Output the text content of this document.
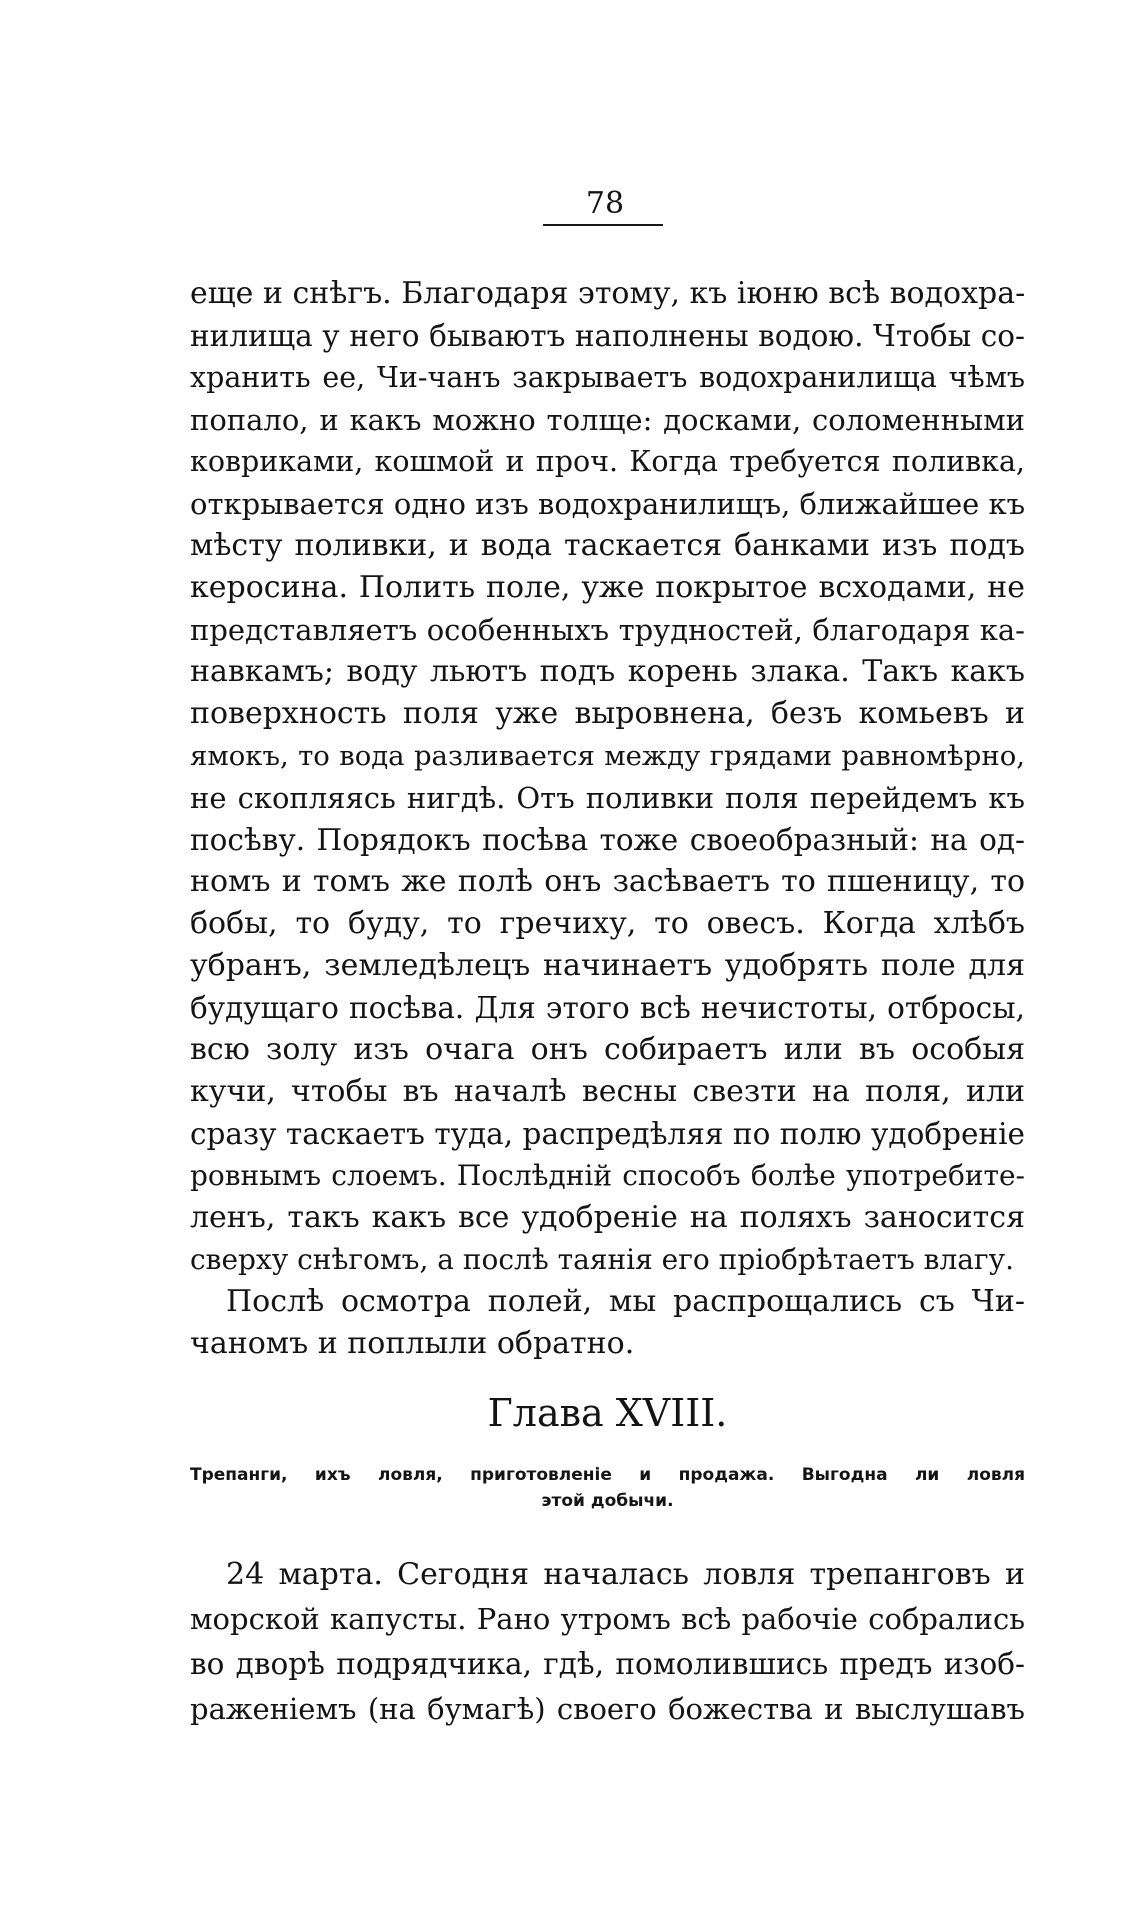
78
еще и снѣгъ. Благодаря этому, къ іюню всѣ водохра-
нилища у него бываютъ наполнены водою. Чтобы со-
хранить ее, Чи-чанъ закрываетъ водохранилища чѣмъ
попало, и какъ можно толще: досками, соломенными
ковриками, кошмой и проч. Когда требуется поливка,
открывается одно изъ водохранилищъ, ближайшее къ
мѣсту поливки, и вода таскается банками изъ подъ
керосина. Полить поле, уже покрытое всходами, не
представляетъ особенныхъ трудностей, благодаря ка-
навкамъ; воду льютъ подъ корень злака. Такъ какъ
поверхность поля уже выровнена, безъ комьевъ и
ямокъ, то вода разливается между грядами равномѣрно,
не скопляясь нигдѣ. Отъ поливки поля перейдемъ къ
посѣву. Порядокъ посѣва тоже своеобразный: на од-
номъ и томъ же полѣ онъ засѣваетъ то пшеницу, то
бобы, то буду, то гречиху, то овесъ. Когда хлѣбъ
убранъ, земледѣлецъ начинаетъ удобрять поле для
будущаго посѣва. Для этого всѣ нечистоты, отбросы,
всю золу изъ очага онъ собираетъ или въ особыя
кучи, чтобы въ началѣ весны свезти на поля, или
сразу таскаетъ туда, распредѣляя по полю удобреніе
ровнымъ слоемъ. Послѣдній способъ болѣе употребите-
ленъ, такъ какъ все удобреніе на поляхъ заносится
сверху снѣгомъ, а послѣ таянія его пріобрѣтаетъ влагу.
Послѣ осмотра полей, мы распрощались съ Чи-
чаномъ и поплыли обратно.
Глава XVIII.
Трепанги, ихъ ловля, приготовленіе и продажа. Выгодна ли ловля
этой добычи.
24 марта. Сегодня началась ловля трепанговъ и
морской капусты. Рано утромъ всѣ рабочіе собрались
во дворѣ подрядчика, гдѣ, помолившись предъ изоб-
раженіемъ (на бумагѣ) своего божества и выслушавъ
